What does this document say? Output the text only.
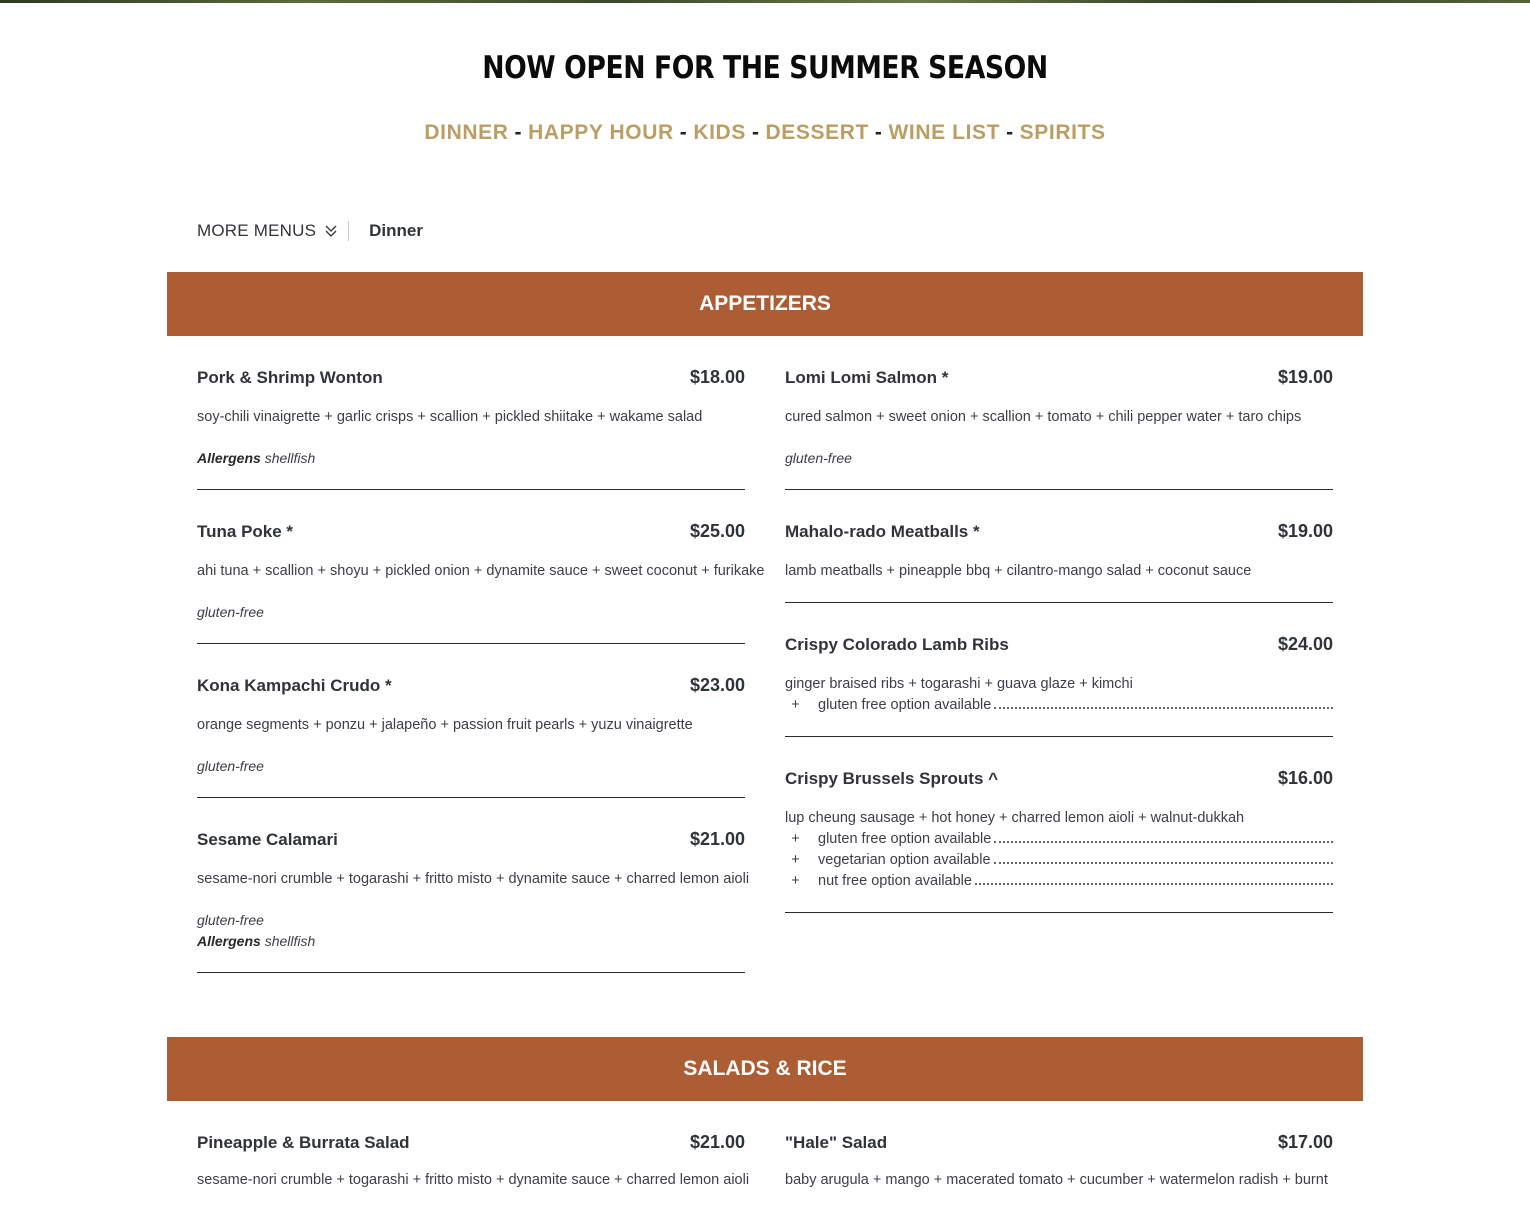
NOW OPEN FOR THE SUMMER SEASON
DINNER - HAPPY HOUR - KIDS - DESSERT - WINE LIST - SPIRITS
MORE MENUS	Dinner
APPETIZERS
Pork & Shrimp Wonton	$18.00
soy-chili vinaigrette + garlic crisps + scallion + pickled shiitake + wakame salad
Allergens shellfish
Tuna Poke *	$25.00
ahi tuna + scallion + shoyu + pickled onion + dynamite sauce + sweet coconut + furikake
gluten-free
Kona Kampachi Crudo *	$23.00
orange segments + ponzu + jalapeño + passion fruit pearls + yuzu vinaigrette
gluten-free
Sesame Calamari	$21.00
sesame-nori crumble + togarashi + fritto misto + dynamite sauce + charred lemon aioli
gluten-free
Allergens shellfish
Lomi Lomi Salmon *	$19.00
cured salmon + sweet onion + scallion + tomato + chili pepper water + taro chips
gluten-free
Mahalo-rado Meatballs *	$19.00
lamb meatballs + pineapple bbq + cilantro-mango salad + coconut sauce
Crispy Colorado Lamb Ribs	$24.00
ginger braised ribs + togarashi + guava glaze + kimchi
+	gluten free option available
Crispy Brussels Sprouts ^	$16.00
lup cheung sausage + hot honey + charred lemon aioli + walnut-dukkah
+	gluten free option available
+	vegetarian option available
+	nut free option available
SALADS & RICE
Pineapple & Burrata Salad	$21.00
sesame-nori crumble + togarashi + fritto misto + dynamite sauce + charred lemon aioli
"Hale" Salad	$17.00
baby arugula + mango + macerated tomato + cucumber + watermelon radish + burnt
